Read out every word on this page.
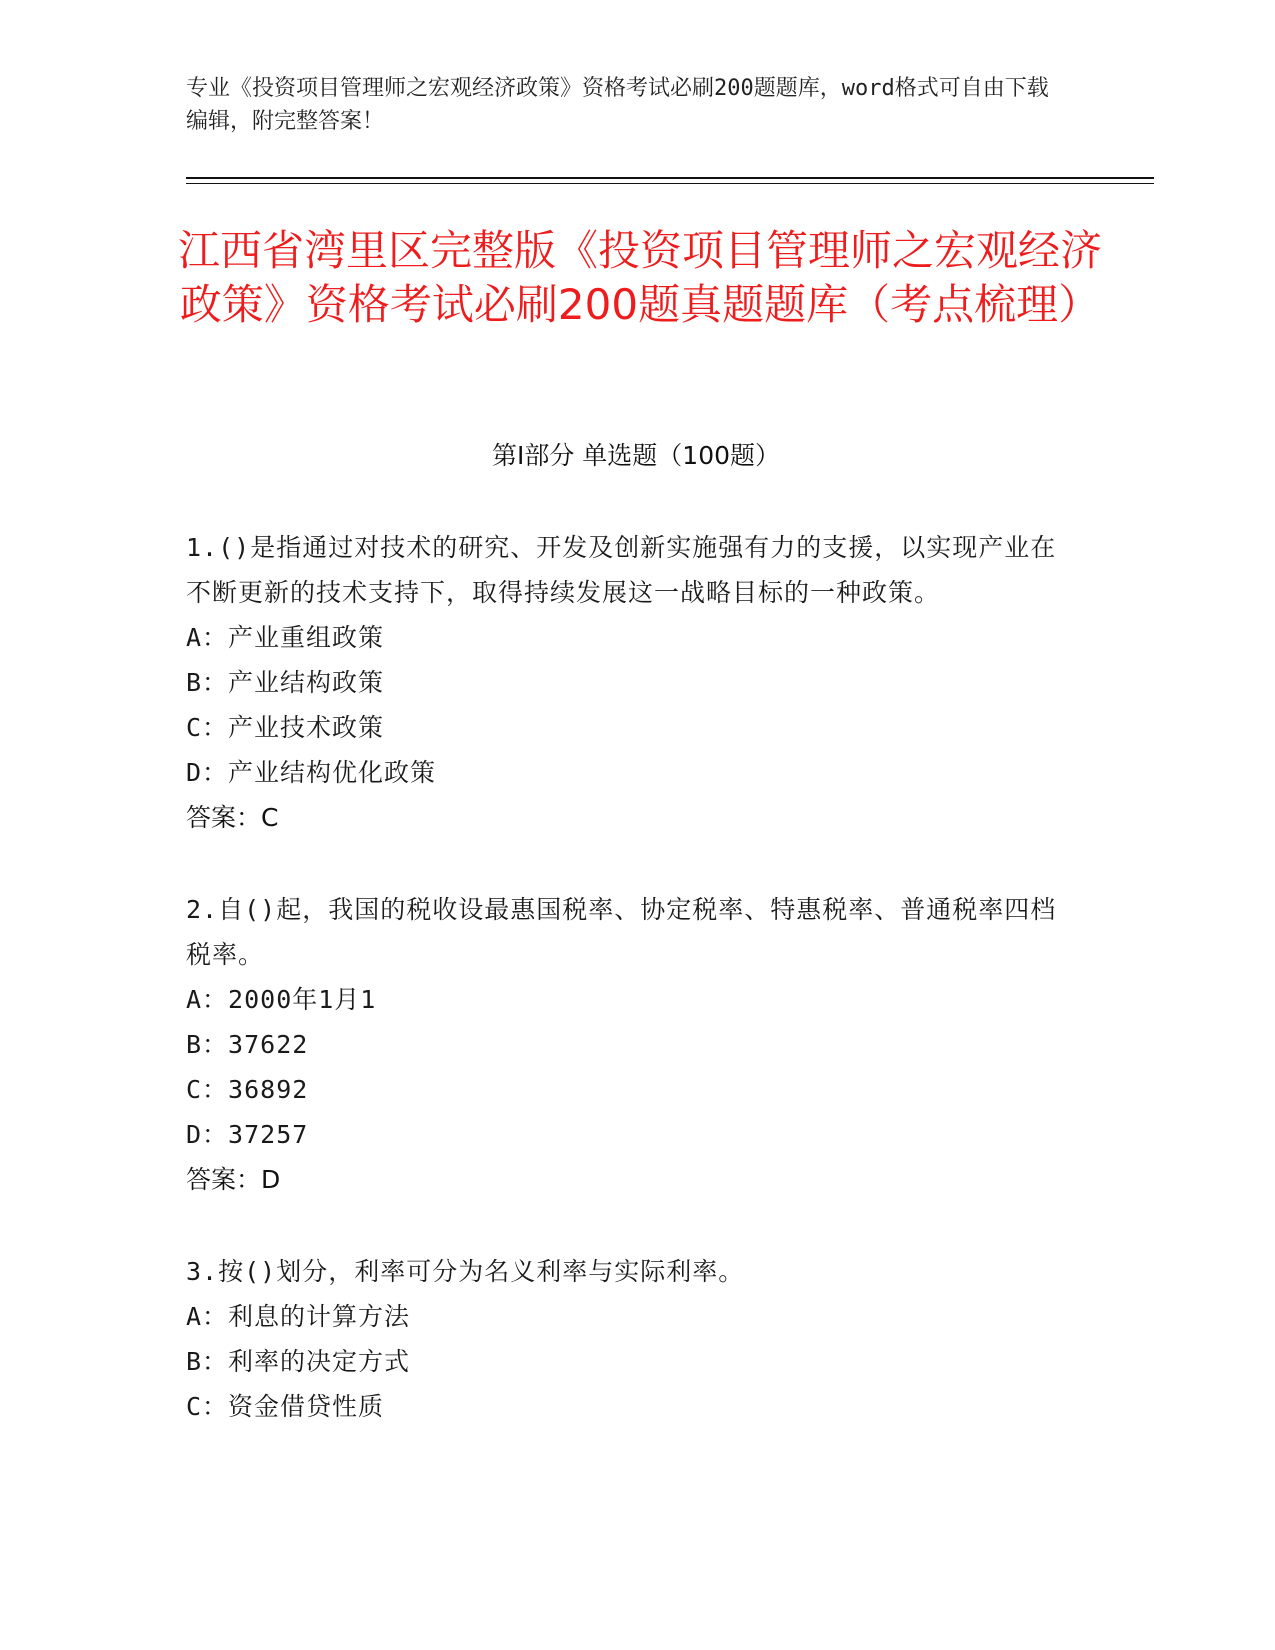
专业《投资项目管理师之宏观经济政策》资格考试必刷200题题库，word格式可自由下载编辑，附完整答案！
江西省湾里区完整版《投资项目管理师之宏观经济政策》资格考试必刷200题真题题库（考点梳理）
第Ⅰ部分 单选题（100题）
1.()是指通过对技术的研究、开发及创新实施强有力的支援，以实现产业在不断更新的技术支持下，取得持续发展这一战略目标的一种政策。
A：产业重组政策
B：产业结构政策
C：产业技术政策
D：产业结构优化政策
答案：C
2.自()起，我国的税收设最惠国税率、协定税率、特惠税率、普通税率四档税率。
A：2000年1月1
B：37622
C：36892
D：37257
答案：D
3.按()划分，利率可分为名义利率与实际利率。
A：利息的计算方法
B：利率的决定方式
C：资金借贷性质
